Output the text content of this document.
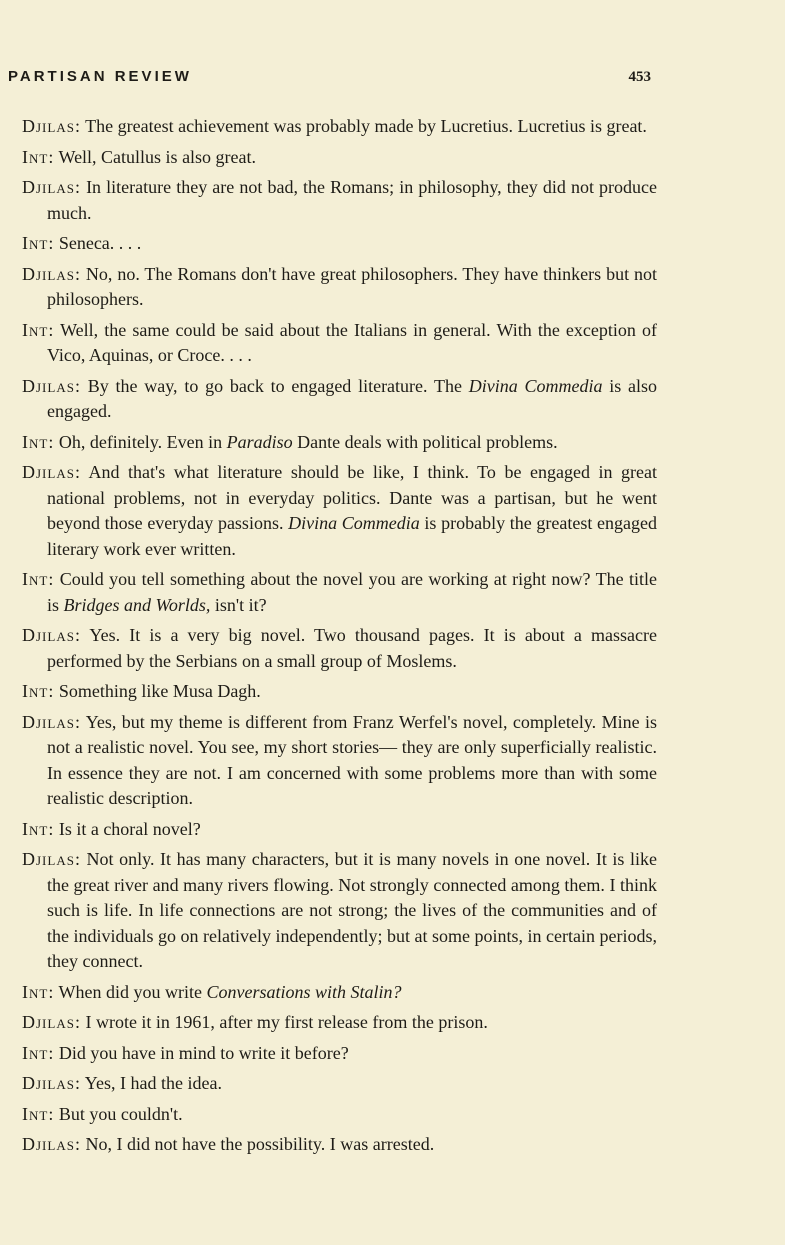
PARTISAN REVIEW	453
Djilas: The greatest achievement was probably made by Lucretius. Lucretius is great.
Int: Well, Catullus is also great.
Djilas: In literature they are not bad, the Romans; in philosophy, they did not produce much.
Int: Seneca. . . .
Djilas: No, no. The Romans don't have great philosophers. They have thinkers but not philosophers.
Int: Well, the same could be said about the Italians in general. With the exception of Vico, Aquinas, or Croce. . . .
Djilas: By the way, to go back to engaged literature. The Divina Commedia is also engaged.
Int: Oh, definitely. Even in Paradiso Dante deals with political problems.
Djilas: And that's what literature should be like, I think. To be engaged in great national problems, not in everyday politics. Dante was a partisan, but he went beyond those everyday passions. Divina Commedia is probably the greatest engaged literary work ever written.
Int: Could you tell something about the novel you are working at right now? The title is Bridges and Worlds, isn't it?
Djilas: Yes. It is a very big novel. Two thousand pages. It is about a massacre performed by the Serbians on a small group of Moslems.
Int: Something like Musa Dagh.
Djilas: Yes, but my theme is different from Franz Werfel's novel, completely. Mine is not a realistic novel. You see, my short stories— they are only superficially realistic. In essence they are not. I am concerned with some problems more than with some realistic description.
Int: Is it a choral novel?
Djilas: Not only. It has many characters, but it is many novels in one novel. It is like the great river and many rivers flowing. Not strongly connected among them. I think such is life. In life connections are not strong; the lives of the communities and of the individuals go on relatively independently; but at some points, in certain periods, they connect.
Int: When did you write Conversations with Stalin?
Djilas: I wrote it in 1961, after my first release from the prison.
Int: Did you have in mind to write it before?
Djilas: Yes, I had the idea.
Int: But you couldn't.
Djilas: No, I did not have the possibility. I was arrested.
